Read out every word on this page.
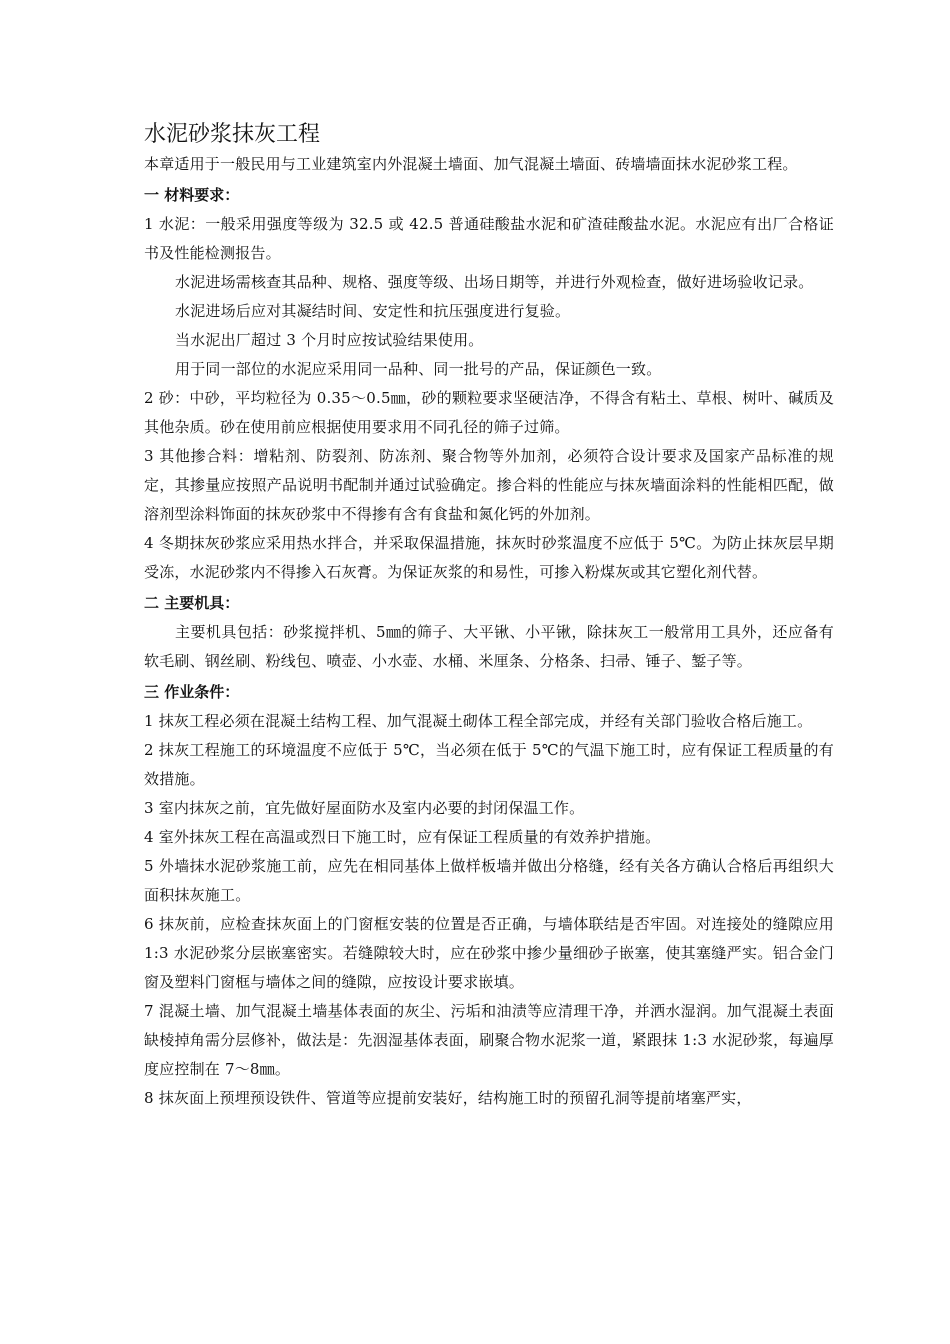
水泥砂浆抹灰工程

本章适用于一般民用与工业建筑室内外混凝土墙面、加气混凝土墙面、砖墙墙面抹水泥砂浆工程。

一 材料要求：

1 水泥：一般采用强度等级为 32.5 或 42.5 普通硅酸盐水泥和矿渣硅酸盐水泥。水泥应有出厂合格证书及性能检测报告。

水泥进场需核查其品种、规格、强度等级、出场日期等，并进行外观检查，做好进场验收记录。

水泥进场后应对其凝结时间、安定性和抗压强度进行复验。

当水泥出厂超过 3 个月时应按试验结果使用。

用于同一部位的水泥应采用同一品种、同一批号的产品，保证颜色一致。

2 砂：中砂，平均粒径为 0.35～0.5㎜，砂的颗粒要求坚硬洁净，不得含有粘土、草根、树叶、碱质及其他杂质。砂在使用前应根据使用要求用不同孔径的筛子过筛。

3 其他掺合料：增粘剂、防裂剂、防冻剂、聚合物等外加剂，必须符合设计要求及国家产品标准的规定，其掺量应按照产品说明书配制并通过试验确定。掺合料的性能应与抹灰墙面涂料的性能相匹配，做溶剂型涂料饰面的抹灰砂浆中不得掺有含有食盐和氮化钙的外加剂。

4 冬期抹灰砂浆应采用热水拌合，并采取保温措施，抹灰时砂浆温度不应低于 5℃。为防止抹灰层早期受冻，水泥砂浆内不得掺入石灰膏。为保证灰浆的和易性，可掺入粉煤灰或其它塑化剂代替。

二 主要机具：

主要机具包括：砂浆搅拌机、5㎜的筛子、大平锹、小平锹，除抹灰工一般常用工具外，还应备有软毛刷、钢丝刷、粉线包、喷壶、小水壶、水桶、米厘条、分格条、扫帚、锤子、錾子等。

三 作业条件：

1 抹灰工程必须在混凝土结构工程、加气混凝土砌体工程全部完成，并经有关部门验收合格后施工。

2 抹灰工程施工的环境温度不应低于 5℃，当必须在低于 5℃的气温下施工时，应有保证工程质量的有效措施。

3 室内抹灰之前，宜先做好屋面防水及室内必要的封闭保温工作。

4 室外抹灰工程在高温或烈日下施工时，应有保证工程质量的有效养护措施。

5 外墙抹水泥砂浆施工前，应先在相同基体上做样板墙并做出分格缝，经有关各方确认合格后再组织大面积抹灰施工。

6 抹灰前，应检查抹灰面上的门窗框安装的位置是否正确，与墙体联结是否牢固。对连接处的缝隙应用 1:3 水泥砂浆分层嵌塞密实。若缝隙较大时，应在砂浆中掺少量细砂子嵌塞，使其塞缝严实。铝合金门窗及塑料门窗框与墙体之间的缝隙，应按设计要求嵌填。

7 混凝土墙、加气混凝土墙基体表面的灰尘、污垢和油渍等应清理干净，并洒水湿润。加气混凝土表面缺棱掉角需分层修补，做法是：先洇湿基体表面，刷聚合物水泥浆一道，紧跟抹 1:3 水泥砂浆，每遍厚度应控制在 7～8㎜。

8 抹灰面上预埋预设铁件、管道等应提前安装好，结构施工时的预留孔洞等提前堵塞严实，
